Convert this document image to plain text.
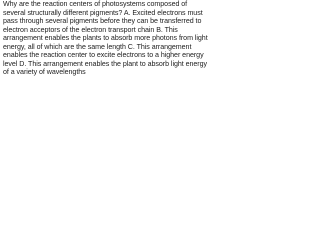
Why are the reaction centers of photosystems composed of several structurally different pigments? A. Excited electrons must pass through several pigments before they can be transferred to electron acceptors of the electron transport chain B. This arrangement enables the plants to absorb more photons from light energy, all of which are the same length C. This arrangement enables the reaction center to excite electrons to a higher energy level D. This arrangement enables the plant to absorb light energy of a variety of wavelengths
